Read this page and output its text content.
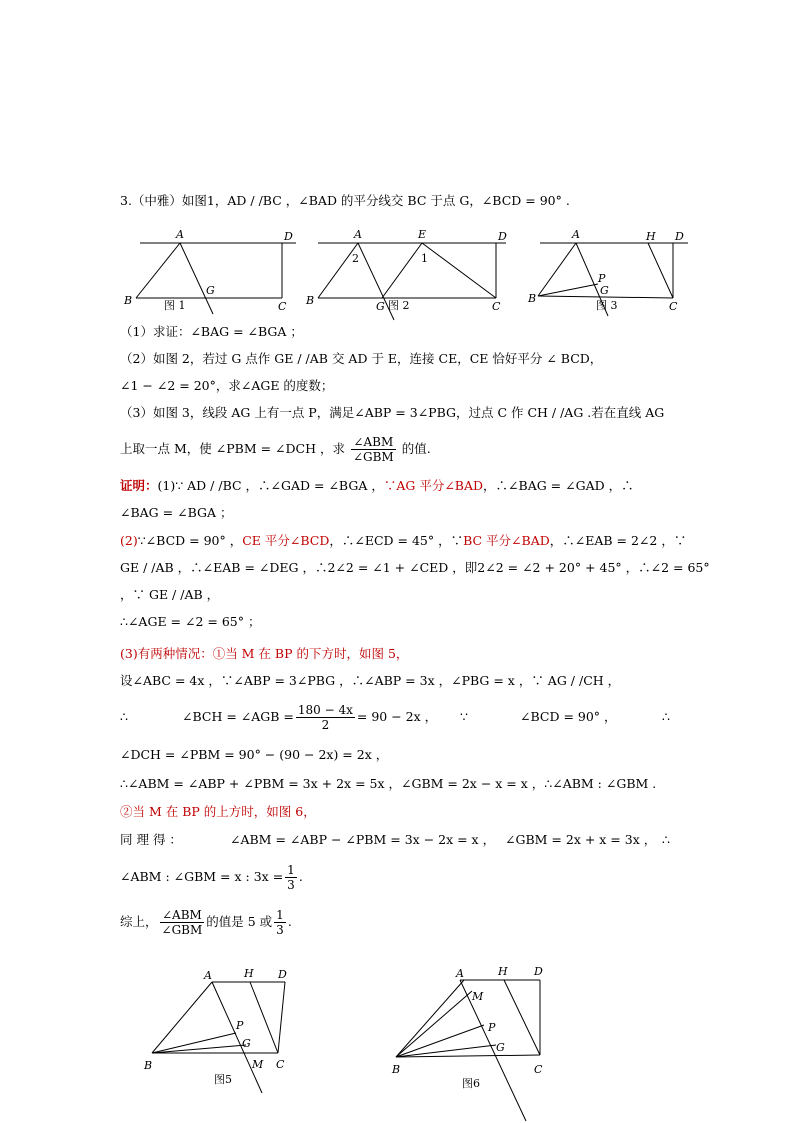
3.（中雅）如图1，AD / /BC ，∠BAD 的平分线交 BC 于点 G，∠BCD = 90° .
A	D
B	C
G
图 1
A	E	D
B	C
G
2	1
图 2
A	H D
B
C
P
G
图 3
（1）求证：∠BAG = ∠BGA ；
（2）如图 2，若过 G 点作 GE / /AB 交 AD 于 E，连接 CE，CE 恰好平分 ∠ BCD，
∠1 − ∠2 = 20°，求∠AGE 的度数；
（3）如图 3，线段 AG 上有一点 P，满足∠ABP = 3∠PBG，过点 C 作 CH / /AG .若在直线 AG
上取一点 M，使 ∠PBM = ∠DCH ，求 $\frac{\text{∠ABM}}{\text{∠GBM}}$ 的值.
证明：(1)∵ AD / /BC ，∴∠GAD = ∠BGA ，∵AG 平分∠BAD，∴∠BAG = ∠GAD ，∴
∠BAG = ∠BGA ；
(2)∵∠BCD = 90° ，CE 平分∠BCD，∴∠ECD = 45° ，∵BC 平分∠BAD，∴∠EAB = 2∠2 ，∵
GE / /AB ，∴∠EAB = ∠DEG ，∴2∠2 = ∠1 + ∠CED ，即2∠2 = ∠2 + 20° + 45° ，∴∠2 = 65°
，∵ GE / /AB ，
∴∠AGE = ∠2 = 65° ；
(3)有两种情况：①当 M 在 BP 的下方时，如图 5，
设∠ABC = 4x ，∵∠ABP = 3∠PBG ，∴∠ABP = 3x ，∠PBG = x ，∵ AG / /CH ，
∴	∠BCH = ∠AGB = $\frac{180 - 4x}{2} = 90 - 2x$ ， ∵	∠BCD = 90° ，	∴
∠DCH = ∠PBM = 90° − (90 − 2x) = 2x ，
∴∠ABM = ∠ABP + ∠PBM = 3x + 2x = 5x ，∠GBM = 2x − x = x ，∴∠ABM : ∠GBM .
②当 M 在 BP 的上方时，如图 6，
同 理 得 ：	∠ABM = ∠ABP − ∠PBM = 3x − 2x = x ， ∠GBM = 2x + x = 3x ， ∴
∠ABM : ∠GBM = x : $3x = \frac{1}{3}$ .
综上， $\frac{\text{∠ABM}}{\text{∠GBM}}$ 的值是 5 或 $\frac{1}{3}$ .
A	H D
B
P
G
M C
图5
A	H D
B
M
P
G
C
图6
